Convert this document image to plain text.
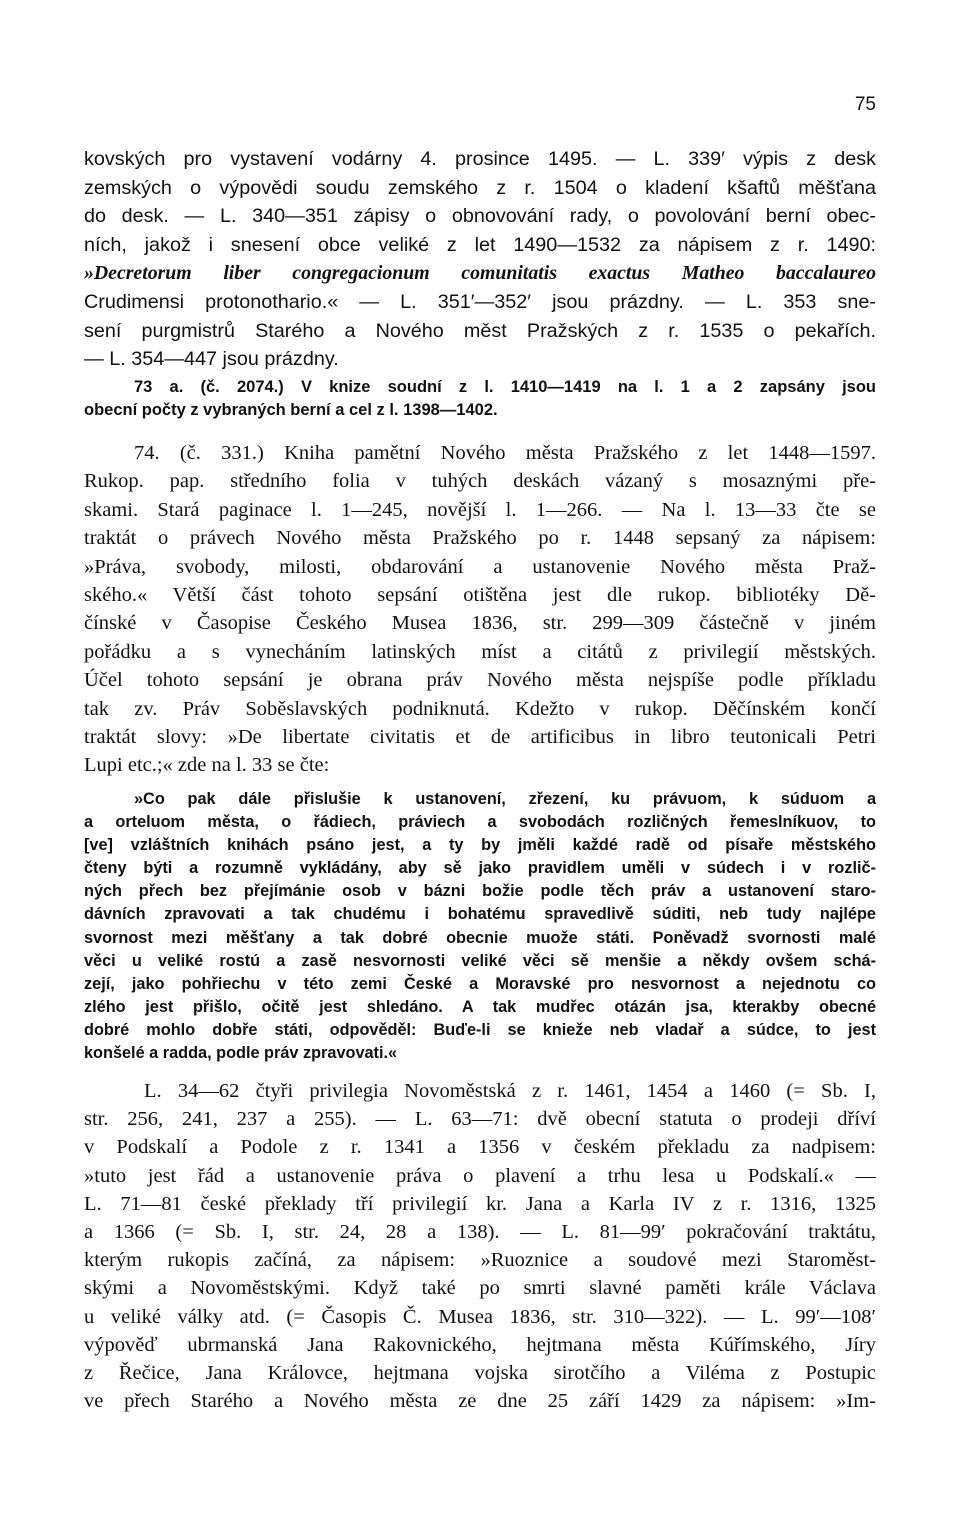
75
kovských pro vystavení vodárny 4. prosince 1495. — L. 339′ výpis z desk
zemských o výpovědi soudu zemského z r. 1504 o kladení kšaftů měšťana
do desk. — L. 340—351 zápisy o obnovování rady, o povolování berní obec-
ních, jakož i snesení obce veliké z let 1490—1532 za nápisem z r. 1490:
»Decretorum liber congregacionum comunitatis exactus Matheo baccalaureo
Crudimensi protonothario.« — L. 351′—352′ jsou prázdny. — L. 353 sne-
sení purgmistrů Starého a Nového měst Pražských z r. 1535 o pekařích.
— L. 354—447 jsou prázdny.
73 a. (č. 2074.) V knize soudní z l. 1410—1419 na l. 1 a 2 zapsány jsou
obecní počty z vybraných berní a cel z l. 1398—1402.
74. (č. 331.) Kniha pamětní Nového města Pražského z let 1448—1597.
Rukop. pap. středního folia v tuhých deskách vázaný s mosaznými pře-
skami. Stará paginace l. 1—245, novější l. 1—266. — Na l. 13—33 čte se
traktát o právech Nového města Pražského po r. 1448 sepsaný za nápisem:
»Práva, svobody, milosti, obdarování a ustanovenie Nového města Praž-
ského.« Větší část tohoto sepsání otištěna jest dle rukop. bibliotéky Dě-
čínské v Časopise Českého Musea 1836, str. 299—309 částečně v jiném
pořádku a s vynecháním latinských míst a citátů z privilegií městských.
Účel tohoto sepsání je obrana práv Nového města nejspíše podle příkladu
tak zv. Práv Soběslavských podniknutá. Kdežto v rukop. Děčínském končí
traktát slovy: »De libertate civitatis et de artificibus in libro teutonicali Petri
Lupi etc.;« zde na l. 33 se čte:
»Co pak dále přislušie k ustanovení, zřezení, ku právuom, k súduom a
a orteluom města, o řádiech, práviech a svobodách rozličných řemeslníkuov, to
[ve] vzláštních knihách psáno jest, a ty by jměli každé radě od písaře městského
čteny býti a rozumně vykládány, aby sě jako pravidlem uměli v súdech i v rozlič-
ných přech bez přejímánie osob v bázni božie podle těch práv a ustanovení staro-
dávních zpravovati a tak chudému i bohatému spravedlivě súditi, neb tudy najlépe
svornost mezi měšťany a tak dobré obecnie muože státi. Poněvadž svornosti malé
věci u veliké rostú a zasě nesvornosti veliké věci sě menšie a někdy ovšem schá-
zejí, jako pohřiechu v této zemi České a Moravské pro nesvornost a nejednotu co
zlého jest přišlo, očitě jest shledáno. A tak mudřec otázán jsa, kterakby obecné
dobré mohlo dobře státi, odpověděl: Buďe-li se knieže neb vladař a súdce, to jest
konšelé a radda, podle práv zpravovati.«
L. 34—62 čtyři privilegia Novoměstská z r. 1461, 1454 a 1460 (= Sb. I,
str. 256, 241, 237 a 255). — L. 63—71: dvě obecní statuta o prodeji dříví
v Podskalí a Podole z r. 1341 a 1356 v českém překladu za nadpisem:
»tuto jest řád a ustanovenie práva o plavení a trhu lesa u Podskalí.« —
L. 71—81 české překlady tří privilegií kr. Jana a Karla IV z r. 1316, 1325
a 1366 (= Sb. I, str. 24, 28 a 138). — L. 81—99′ pokračování traktátu,
kterým rukopis začíná, za nápisem: »Ruoznice a soudové mezi Staroměst-
skými a Novoměstskými. Když také po smrti slavné paměti krále Václava
u veliké války atd. (= Časopis Č. Musea 1836, str. 310—322). — L. 99′—108′
výpověď ubrmanská Jana Rakovnického, hejtmana města Kúřímského, Jíry
z Řečice, Jana Královce, hejtmana vojska sirotčího a Viléma z Postupic
ve přech Starého a Nového města ze dne 25 září 1429 za nápisem: »Im-
